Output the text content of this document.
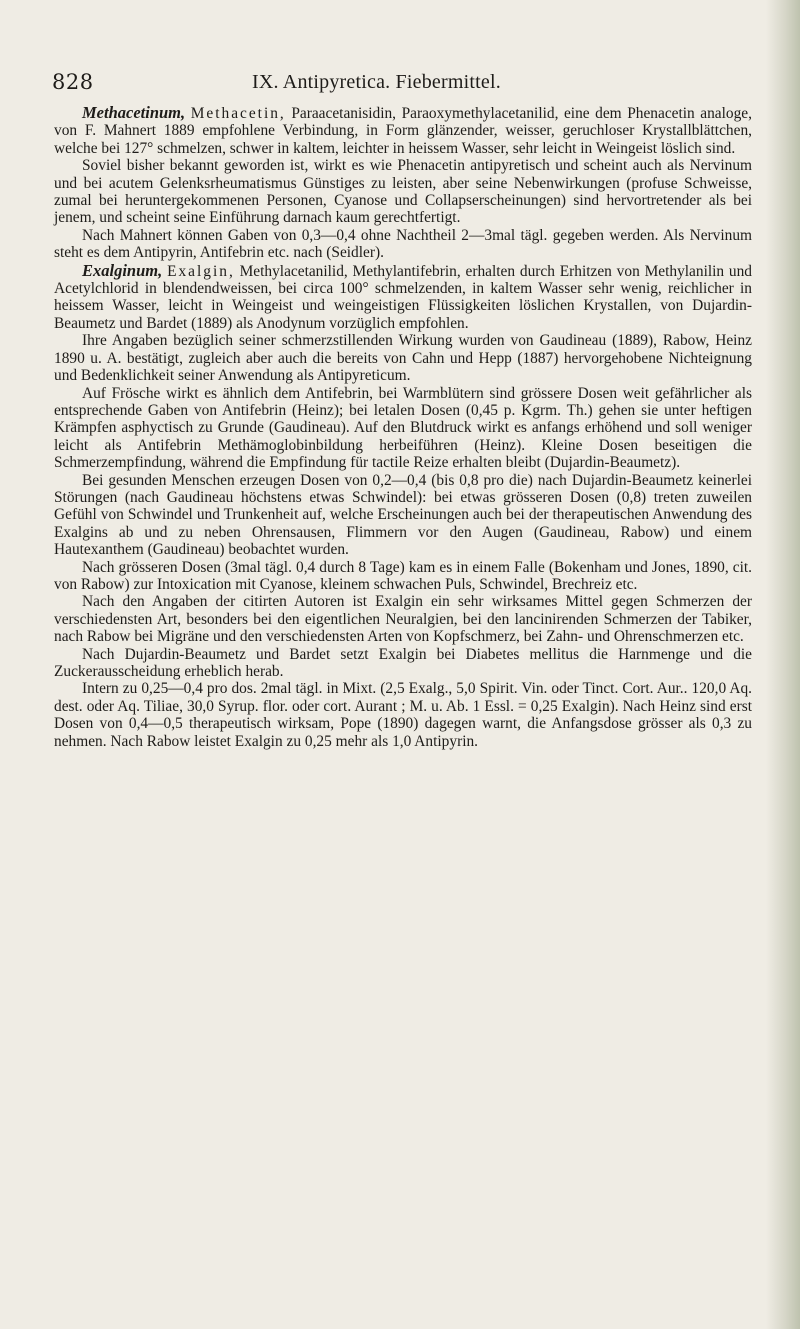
828	IX. Antipyretica. Fiebermittel.

Methacetinum, Methacetin, Paraacetanisidin, Paraoxymethylacetanilid, eine dem Phenacetin analoge, von F. Mahnert 1889 empfohlene Verbindung, in Form glänzender, weisser, geruchloser Krystallblättchen, welche bei 127° schmelzen, schwer in kaltem, leichter in heissem Wasser, sehr leicht in Weingeist löslich sind.

Soviel bisher bekannt geworden ist, wirkt es wie Phenacetin antipyretisch und scheint auch als Nervinum und bei acutem Gelenksrheumatismus Günstiges zu leisten, aber seine Nebenwirkungen (profuse Schweisse, zumal bei heruntergekommenen Personen, Cyanose und Collapserscheinungen) sind hervortretender als bei jenem, und scheint seine Einführung darnach kaum gerechtfertigt.

Nach Mahnert können Gaben von 0,3—0,4 ohne Nachtheil 2—3mal tägl. gegeben werden. Als Nervinum steht es dem Antipyrin, Antifebrin etc. nach (Seidler).

Exalginum, Exalgin, Methylacetanilid, Methylantifebrin, erhalten durch Erhitzen von Methylanilin und Acetylchlorid in blendendweissen, bei circa 100° schmelzenden, in kaltem Wasser sehr wenig, reichlicher in heissem Wasser, leicht in Weingeist und weingeistigen Flüssigkeiten löslichen Krystallen, von Dujardin-Beaumetz und Bardet (1889) als Anodynum vorzüglich empfohlen.

Ihre Angaben bezüglich seiner schmerzstillenden Wirkung wurden von Gaudineau (1889), Rabow, Heinz 1890 u. A. bestätigt, zugleich aber auch die bereits von Cahn und Hepp (1887) hervorgehobene Nichteignung und Bedenklichkeit seiner Anwendung als Antipyreticum.

Auf Frösche wirkt es ähnlich dem Antifebrin, bei Warmblütern sind grössere Dosen weit gefährlicher als entsprechende Gaben von Antifebrin (Heinz); bei letalen Dosen (0,45 p. Kgrm. Th.) gehen sie unter heftigen Krämpfen asphyctisch zu Grunde (Gaudineau). Auf den Blutdruck wirkt es anfangs erhöhend und soll weniger leicht als Antifebrin Methämoglobinbildung herbeiführen (Heinz). Kleine Dosen beseitigen die Schmerzempfindung, während die Empfindung für tactile Reize erhalten bleibt (Dujardin-Beaumetz).

Bei gesunden Menschen erzeugen Dosen von 0,2—0,4 (bis 0,8 pro die) nach Dujardin-Beaumetz keinerlei Störungen (nach Gaudineau höchstens etwas Schwindel): bei etwas grösseren Dosen (0,8) treten zuweilen Gefühl von Schwindel und Trunkenheit auf, welche Erscheinungen auch bei der therapeutischen Anwendung des Exalgins ab und zu neben Ohrensausen, Flimmern vor den Augen (Gaudineau, Rabow) und einem Hautexanthem (Gaudineau) beobachtet wurden.

Nach grösseren Dosen (3mal tägl. 0,4 durch 8 Tage) kam es in einem Falle (Bokenham und Jones, 1890, cit. von Rabow) zur Intoxication mit Cyanose, kleinem schwachen Puls, Schwindel, Brechreiz etc.

Nach den Angaben der citirten Autoren ist Exalgin ein sehr wirksames Mittel gegen Schmerzen der verschiedensten Art, besonders bei den eigentlichen Neuralgien, bei den lancinirenden Schmerzen der Tabiker, nach Rabow bei Migräne und den verschiedensten Arten von Kopfschmerz, bei Zahn- und Ohrenschmerzen etc.

Nach Dujardin-Beaumetz und Bardet setzt Exalgin bei Diabetes mellitus die Harnmenge und die Zuckerausscheidung erheblich herab.

Intern zu 0,25—0,4 pro dos. 2mal tägl. in Mixt. (2,5 Exalg., 5,0 Spirit. Vin. oder Tinct. Cort. Aur.. 120,0 Aq. dest. oder Aq. Tiliae, 30,0 Syrup. flor. oder cort. Aurant ; M. u. Ab. 1 Essl. = 0,25 Exalgin). Nach Heinz sind erst Dosen von 0,4—0,5 therapeutisch wirksam, Pope (1890) dagegen warnt, die Anfangsdose grösser als 0,3 zu nehmen. Nach Rabow leistet Exalgin zu 0,25 mehr als 1,0 Antipyrin.
